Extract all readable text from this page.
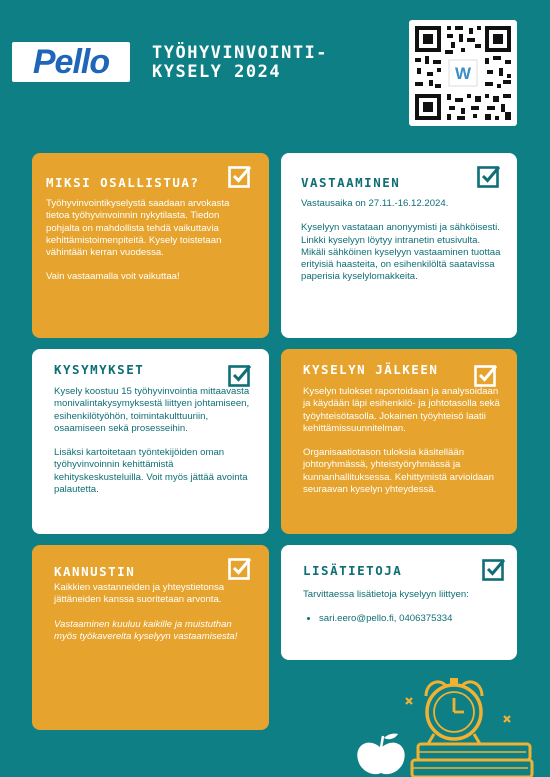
Pello	TYÖHYVINVOINTI-
KYSELY 2024	W
MIKSI OSALLISTUA?

Työhyvinvointikyselystä saadaan arvokasta tietoa työhyvinvoinnin nykytilasta. Tiedon pohjalta on mahdollista tehdä vaikuttavia kehittämistoimenpiteitä. Kysely toistetaan vähintään kerran vuodessa.

Vain vastaamalla voit vaikuttaa!

VASTAAMINEN

Vastausaika on 27.11.-16.12.2024.

Kyselyyn vastataan anonyymisti ja sähköisesti. Linkki kyselyyn löytyy intranetin etusivulta. Mikäli sähköinen kyselyyn vastaaminen tuottaa erityisiä haasteita, on esihenkilöltä saatavissa paperisia kyselylomakkeita.

KYSYMYKSET

Kysely koostuu 15 työhyvinvointia mittaavasta monivalintakysymyksestä liittyen johtamiseen, esihenkilötyöhön, toimintakulttuuriin, osaamiseen sekä prosesseihin.

Lisäksi kartoitetaan työntekijöiden oman työhyvinvoinnin kehittämistä kehityskeskusteluilla. Voit myös jättää avointa palautetta.

KYSELYN JÄLKEEN

Kyselyn tulokset raportoidaan ja analysoidaan ja käydään läpi esihenkilö- ja johtotasolla sekä työyhteisötasolla. Jokainen työyhteisö laatii kehittämissuunnitelman.

Organisaatiotason tuloksia käsitellään johtoryhmässä, yhteistyöryhmässä ja kunnanhallituksessa. Kehittymistä arvioidaan seuraavan kyselyn yhteydessä.

KANNUSTIN

Kaikkien vastanneiden ja yhteystietonsa jättäneiden kanssa suoritetaan arvonta.

Vastaaminen kuuluu kaikille ja muistuthan myös työkavereita kyselyyn vastaamisesta!

LISÄTIETOJA

Tarvittaessa lisätietoja kyselyyn liittyen:

• sari.eero@pello.fi, 0406375334
